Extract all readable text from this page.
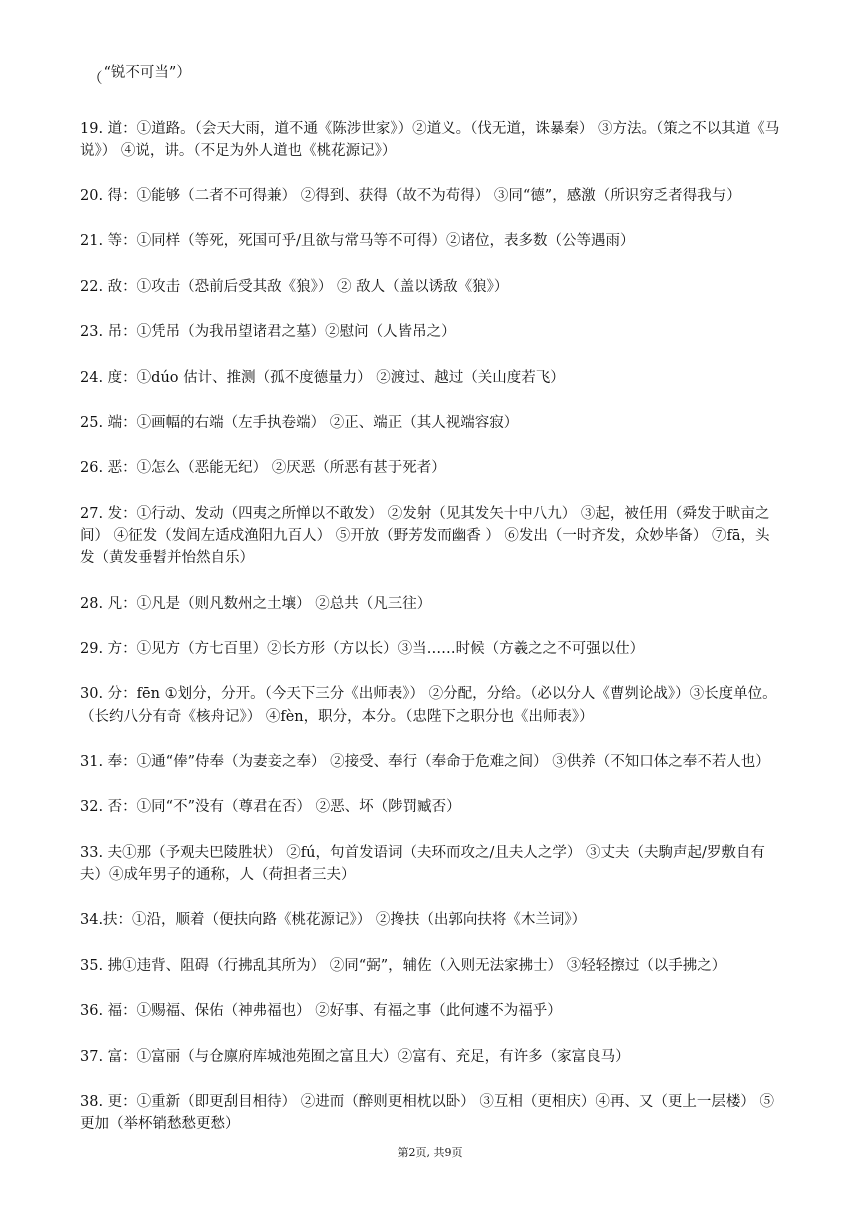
（“锐不可当”）

19. 道：①道路。（会天大雨，道不通《陈涉世家》）②道义。（伐无道，诛暴秦） ③方法。（策之不以其道《马说》） ④说，讲。（不足为外人道也《桃花源记》）

20. 得：①能够（二者不可得兼） ②得到、获得（故不为苟得） ③同“德”，感激（所识穷乏者得我与）

21. 等：①同样（等死，死国可乎/且欲与常马等不可得）②诸位，表多数（公等遇雨）

22. 敌：①攻击（恐前后受其敌《狼》） ② 敌人（盖以诱敌《狼》）

23. 吊：①凭吊（为我吊望诸君之墓）②慰问（人皆吊之）

24. 度：①dúo 估计、推测（孤不度德量力） ②渡过、越过（关山度若飞）

25. 端：①画幅的右端（左手执卷端） ②正、端正（其人视端容寂）

26. 恶：①怎么（恶能无纪） ②厌恶（所恶有甚于死者）

27. 发：①行动、发动（四夷之所惮以不敢发） ②发射（见其发矢十中八九） ③起，被任用（舜发于畎亩之间） ④征发（发闾左适戍渔阳九百人） ⑤开放（野芳发而幽香 ） ⑥发出（一时齐发，众妙毕备） ⑦fā，头发（黄发垂髫并怡然自乐）

28. 凡：①凡是（则凡数州之土壤） ②总共（凡三往）

29. 方：①见方（方七百里）②长方形（方以长）③当……时候（方羲之之不可强以仕）

30. 分：fēn ①划分，分开。（今天下三分《出师表》） ②分配，分给。（必以分人《曹刿论战》）③长度单位。（长约八分有奇《核舟记》） ④fèn，职分，本分。（忠陛下之职分也《出师表》）

31. 奉：①通“俸”侍奉（为妻妾之奉） ②接受、奉行（奉命于危难之间） ③供养（不知口体之奉不若人也）

32. 否：①同“不”没有（尊君在否） ②恶、坏（陟罚臧否）

33. 夫①那（予观夫巴陵胜状） ②fú，句首发语词（夫环而攻之/且夫人之学） ③丈夫（夫駒声起/罗敷自有夫）④成年男子的通称，人（荷担者三夫）

34.扶：①沿，顺着（便扶向路《桃花源记》） ②搀扶（出郭向扶将《木兰词》）

35. 拂①违背、阻碍（行拂乱其所为） ②同“弼”，辅佐（入则无法家拂士） ③轻轻擦过（以手拂之）

36. 福：①赐福、保佑（神弗福也） ②好事、有福之事（此何遽不为福乎）

37. 富：①富丽（与仓廪府库城池苑囿之富且大）②富有、充足，有许多（家富良马）

38. 更：①重新（即更刮目相待） ②进而（醉则更相枕以卧） ③互相（更相庆）④再、又（更上一层楼） ⑤更加（举杯销愁愁更愁）

第2页, 共9页
